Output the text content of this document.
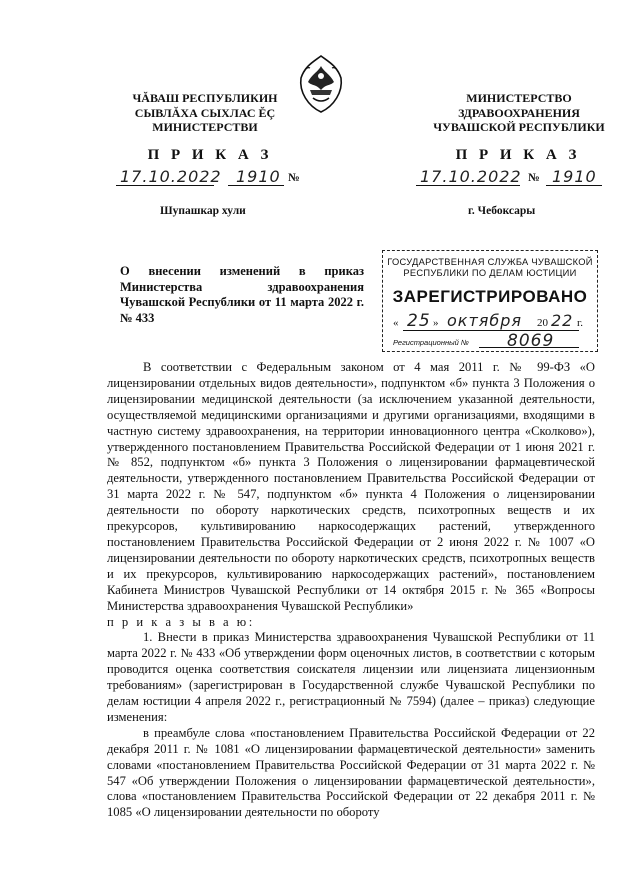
ЧĂВАШ РЕСПУБЛИКИН
СЫВЛĂХА СЫХЛАС ĔÇ
МИНИСТЕРСТВИ
МИНИСТЕРСТВО
ЗДРАВООХРАНЕНИЯ
ЧУВАШСКОЙ РЕСПУБЛИКИ
П Р И К А З	П Р И К А З
17.10.2022 1910 №	17.10.2022 № 1910
Шупашкар хули	г. Чебоксары
О внесении изменений в приказ Министерства здравоохранения Чувашской Республики от 11 марта 2022 г. № 433
ГОСУДАРСТВЕННАЯ СЛУЖБА ЧУВАШСКОЙ
РЕСПУБЛИКИ ПО ДЕЛАМ ЮСТИЦИИ
ЗАРЕГИСТРИРОВАНО
« 25 » октября 20 22 г.
Регистрационный № 8069

В соответствии с Федеральным законом от 4 мая 2011 г. № 99-ФЗ «О лицензировании отдельных видов деятельности», подпунктом «б» пункта 3 Положения о лицензировании медицинской деятельности (за исключением указанной деятельности, осуществляемой медицинскими организациями и другими организациями, входящими в частную систему здравоохранения, на территории инновационного центра «Сколково»), утвержденного постановлением Правительства Российской Федерации от 1 июня 2021 г. № 852, подпунктом «б» пункта 3 Положения о лицензировании фармацевтической деятельности, утвержденного постановлением Правительства Российской Федерации от 31 марта 2022 г. № 547, подпунктом «б» пункта 4 Положения о лицензировании деятельности по обороту наркотических средств, психотропных веществ и их прекурсоров, культивированию наркосодержащих растений, утвержденного постановлением Правительства Российской Федерации от 2 июня 2022 г. № 1007 «О лицензировании деятельности по обороту наркотических средств, психотропных веществ и их прекурсоров, культивированию наркосодержащих растений», постановлением Кабинета Министров Чувашской Республики от 14 октября 2015 г. № 365 «Вопросы Министерства здравоохранения Чувашской Республики»

п р и к а з ы в а ю:

1. Внести в приказ Министерства здравоохранения Чувашской Республики от 11 марта 2022 г. № 433 «Об утверждении форм оценочных листов, в соответствии с которым проводится оценка соответствия соискателя лицензии или лицензиата лицензионным требованиям» (зарегистрирован в Государственной службе Чувашской Республики по делам юстиции 4 апреля 2022 г., регистрационный № 7594) (далее – приказ) следующие изменения:

в преамбуле слова «постановлением Правительства Российской Федерации от 22 декабря 2011 г. № 1081 «О лицензировании фармацевтической деятельности» заменить словами «постановлением Правительства Российской Федерации от 31 марта 2022 г. № 547 «Об утверждении Положения о лицензировании фармацевтической деятельности», слова «постановлением Правительства Российской Федерации от 22 декабря 2011 г. № 1085 «О лицензировании деятельности по обороту
